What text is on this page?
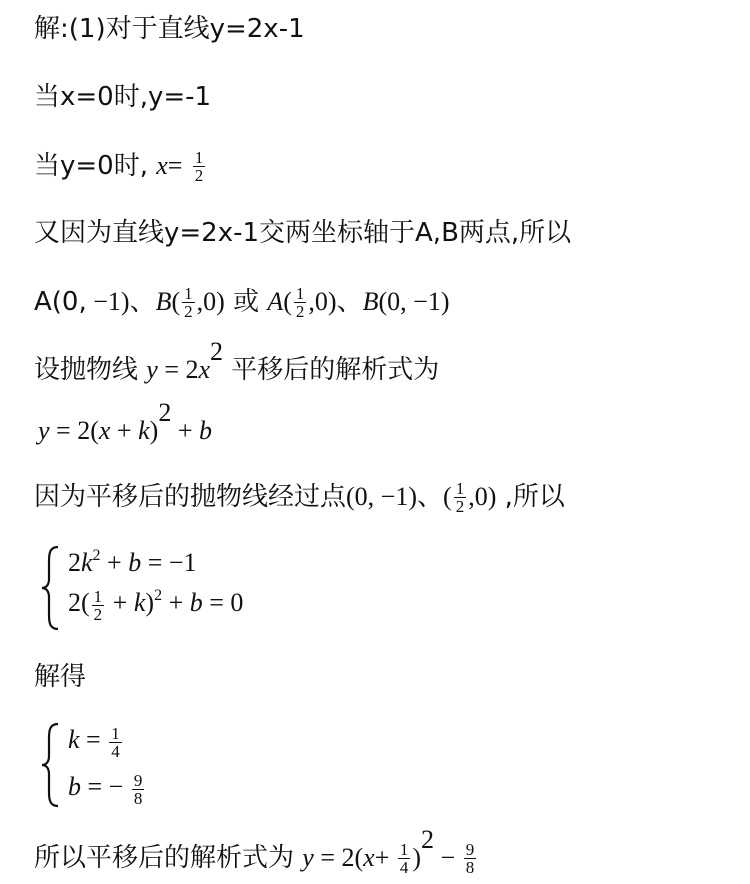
解:(1)对于直线y=2x-1
当x=0时,y=-1
当y=0时, $x= \frac{1}{2}$
又因为直线y=2x-1交两坐标轴于A,B两点,所以
A(0, −1)、$B( \frac{1}{2} ,0)$ 或 $A( \frac{1}{2} ,0)$、B(0, −1)
设抛物线 $y = 2x^2$ 平移后的解析式为
$y = 2(x + k)^2 + b$
因为平移后的抛物线经过点(0, −1)、( $\frac{1}{2} ,0$) ,所以
$2k^2 + b = -1$
$2( \frac{1}{2} + k)^2 + b = 0$
解得
$k = \frac{1}{4}$
b = − $\frac{9}{8}$
所以平移后的解析式为 $y = 2(x+ \frac{1}{4} )^2 - \frac{9}{8}$
